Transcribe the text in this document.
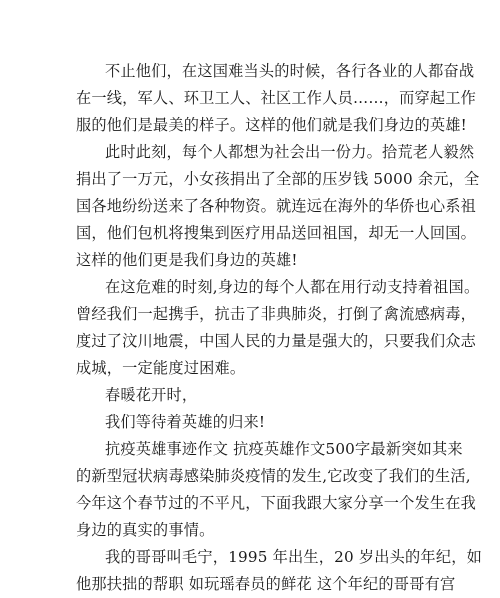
不止他们，在这国难当头的时候，各行各业的人都奋战
在一线，军人、环卫工人、社区工作人员……，而穿起工作
服的他们是最美的样子。这样的他们就是我们身边的英雄!
此时此刻，每个人都想为社会出一份力。拾荒老人毅然
捐出了一万元，小女孩捐出了全部的压岁钱 5000 余元，全
国各地纷纷送来了各种物资。就连远在海外的华侨也心系祖
国，他们包机将搜集到医疗用品送回祖国，却无一人回国。
这样的他们更是我们身边的英雄!
在这危难的时刻,身边的每个人都在用行动支持着祖国。
曾经我们一起携手，抗击了非典肺炎，打倒了禽流感病毒，
度过了汶川地震，中国人民的力量是强大的，只要我们众志
成城，一定能度过困难。
春暖花开时，
我们等待着英雄的归来!
抗疫英雄事迹作文 抗疫英雄作文500字最新突如其来
的新型冠状病毒感染肺炎疫情的发生,它改变了我们的生活,
今年这个春节过的不平凡，下面我跟大家分享一个发生在我
身边的真实的事情。
我的哥哥叫毛宁，1995 年出生，20 岁出头的年纪，如
他那扶拙的帮职 如玩瑶春员的鲜花 这个年纪的哥哥有宫
